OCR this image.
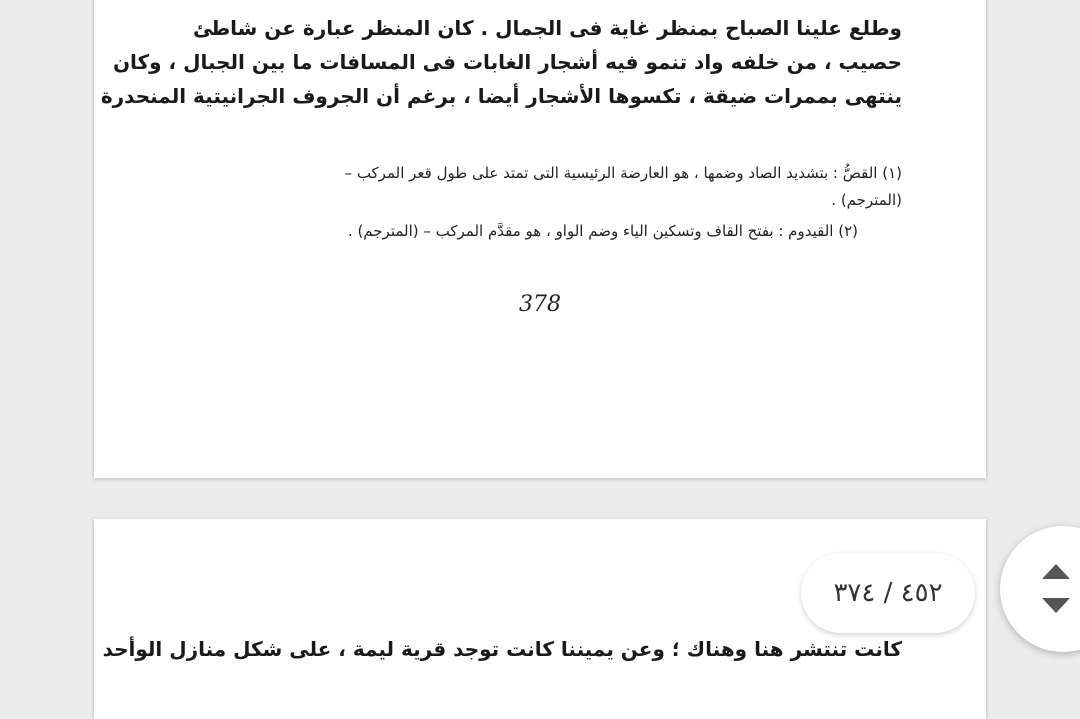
وطلع علينا الصباح بمنظر غاية فى الجمال . كان المنظر عبارة عن شاطئ
حصيب ، من خلفه واد تنمو فيه أشجار الغابات فى المسافات ما بين الجبال ، وكان
ينتهى بممرات ضيقة ، تكسوها الأشجار أيضا ، برغم أن الجروف الجرانيتية المنحدرة
(١) القصُّ : بتشديد الصاد وضمها ، هو العارضة الرئيسية التى تمتد على طول قعر المركب –
(المترجم) .
(٢) القيدوم : بفتح القاف وتسكين الياء وضم الواو ، هو مقدَّم المركب – (المترجم) .
378
كانت تنتشر هنا وهناك ؛ وعن يميننا كانت توجد قرية ليمة ، على شكل منازل الوأحد
٤٥٢ / ٣٧٤
